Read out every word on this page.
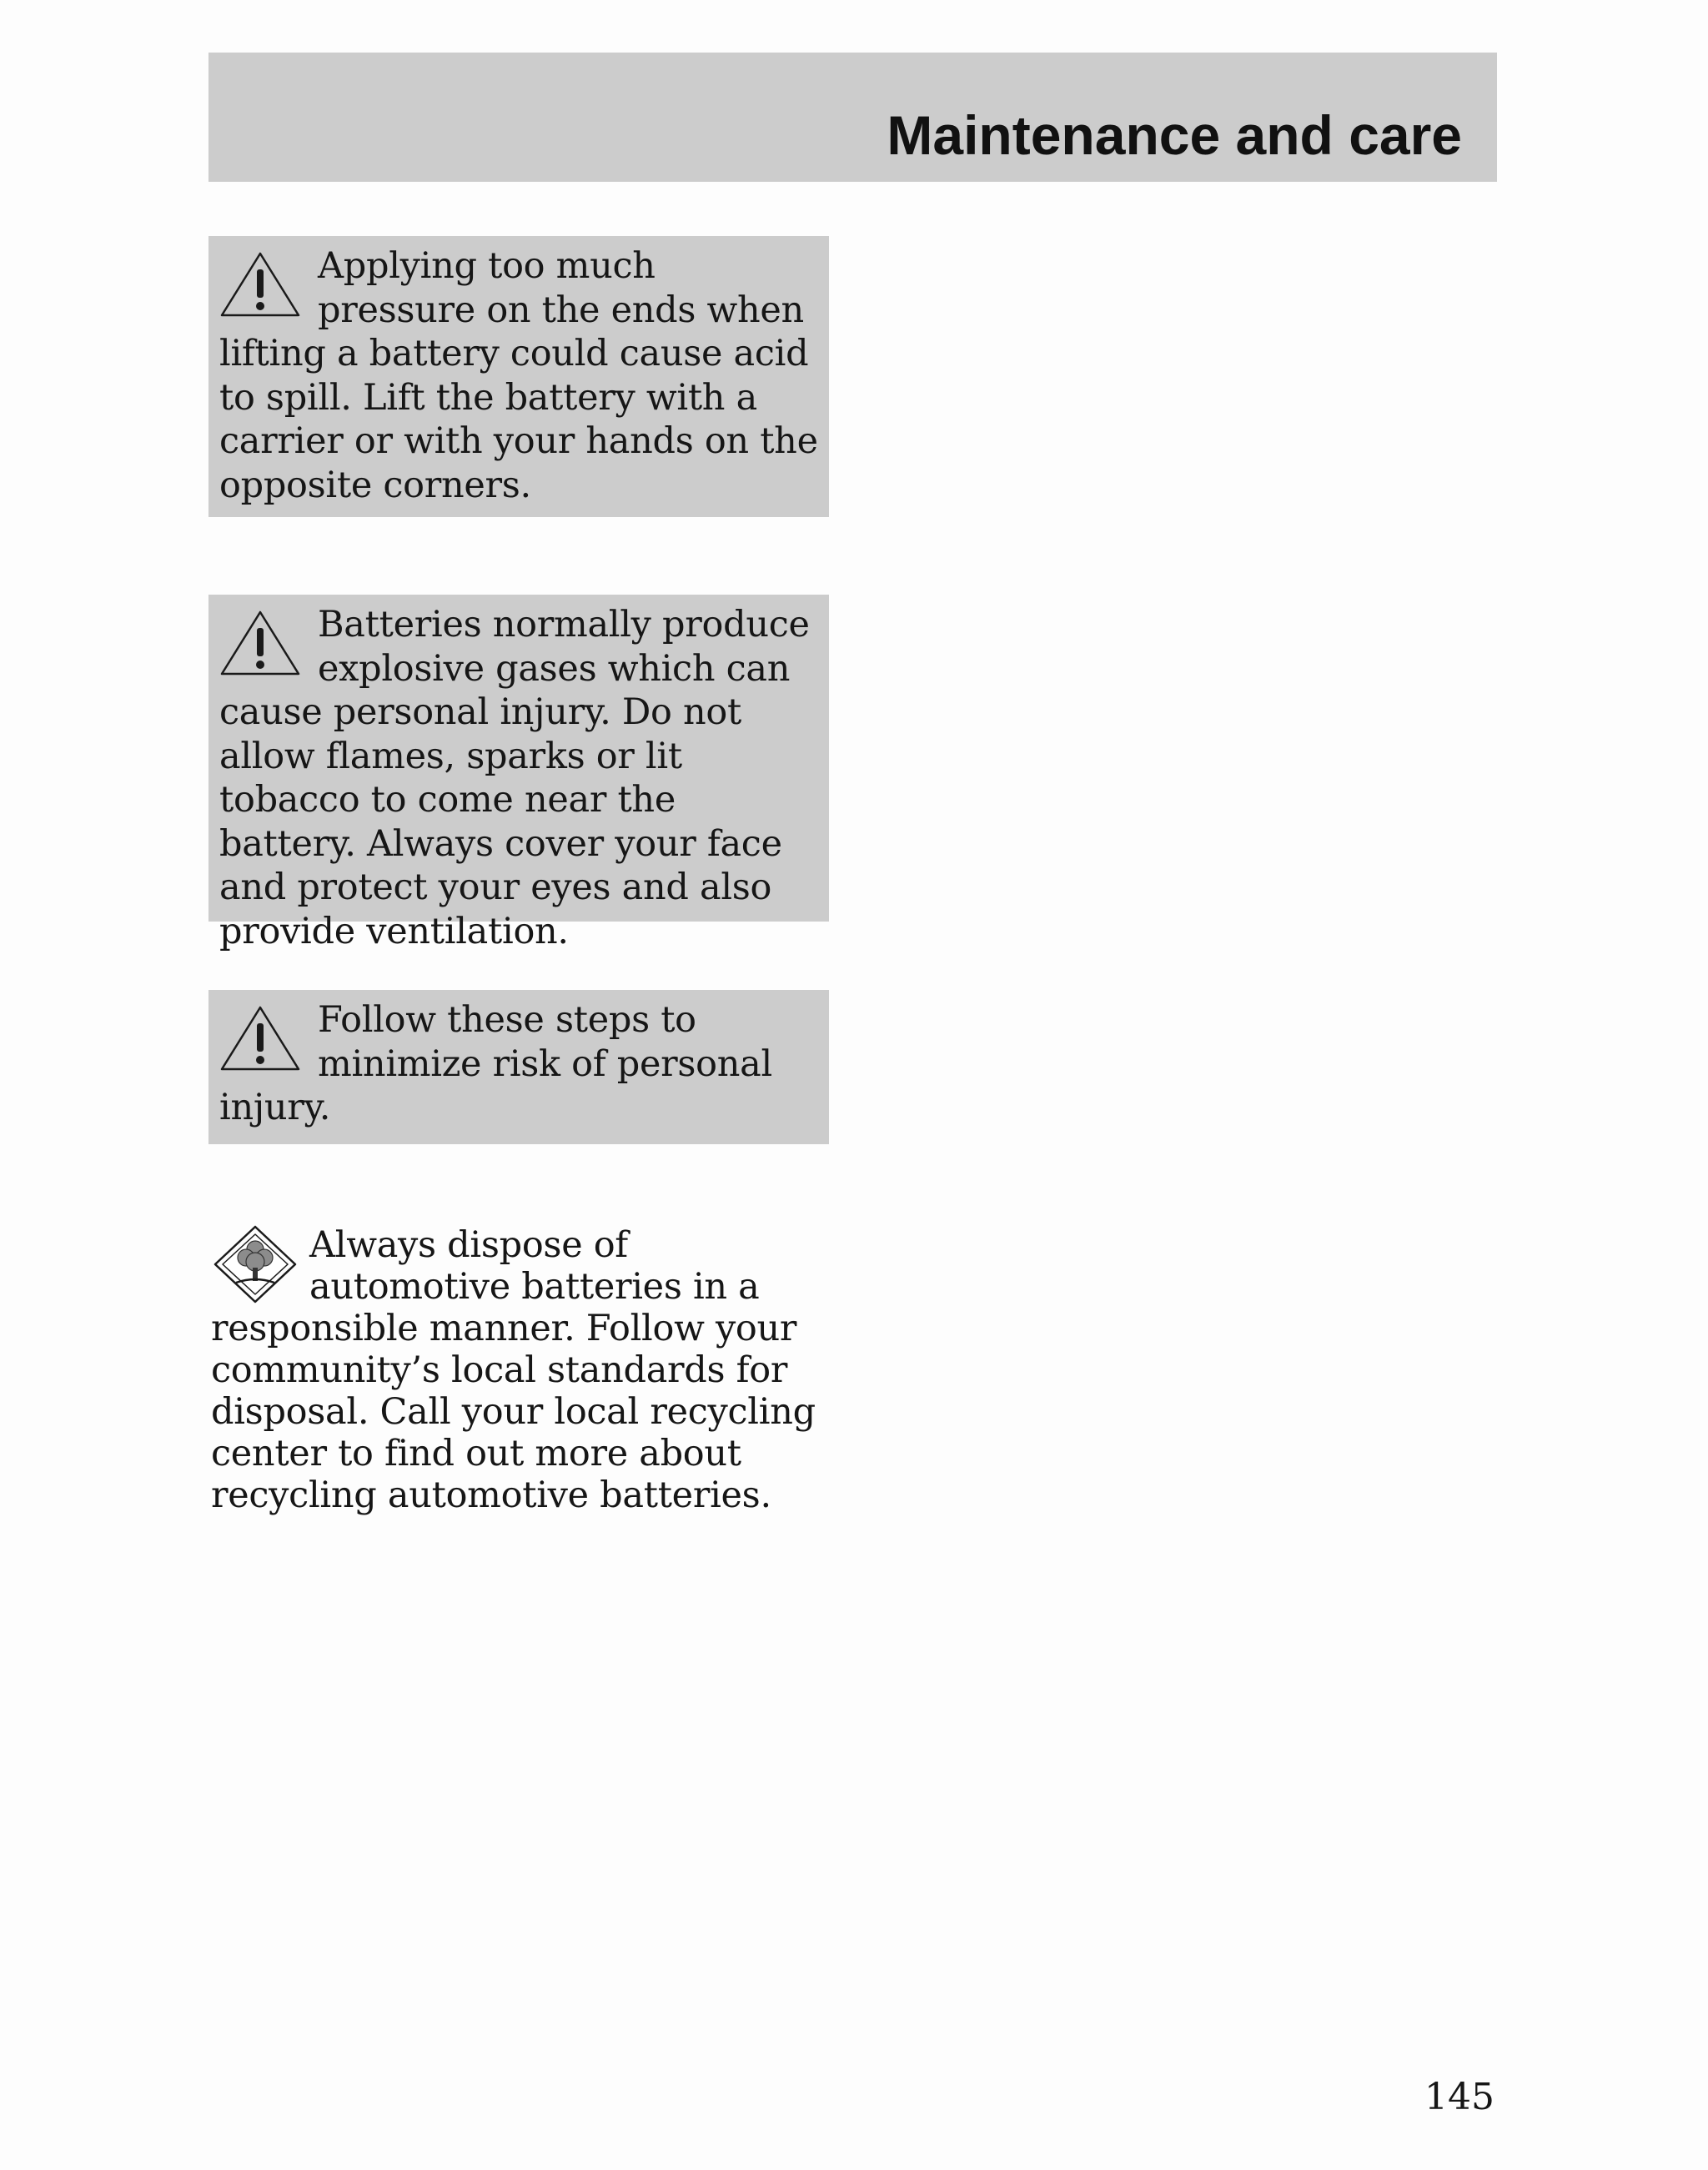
Maintenance and care

Applying too much pressure on the ends when lifting a battery could cause acid to spill. Lift the battery with a carrier or with your hands on the opposite corners.

Batteries normally produce explosive gases which can cause personal injury. Do not allow flames, sparks or lit tobacco to come near the battery. Always cover your face and protect your eyes and also provide ventilation.

Follow these steps to minimize risk of personal injury.

Always dispose of automotive batteries in a responsible manner. Follow your community’s local standards for disposal. Call your local recycling center to find out more about recycling automotive batteries.

145
